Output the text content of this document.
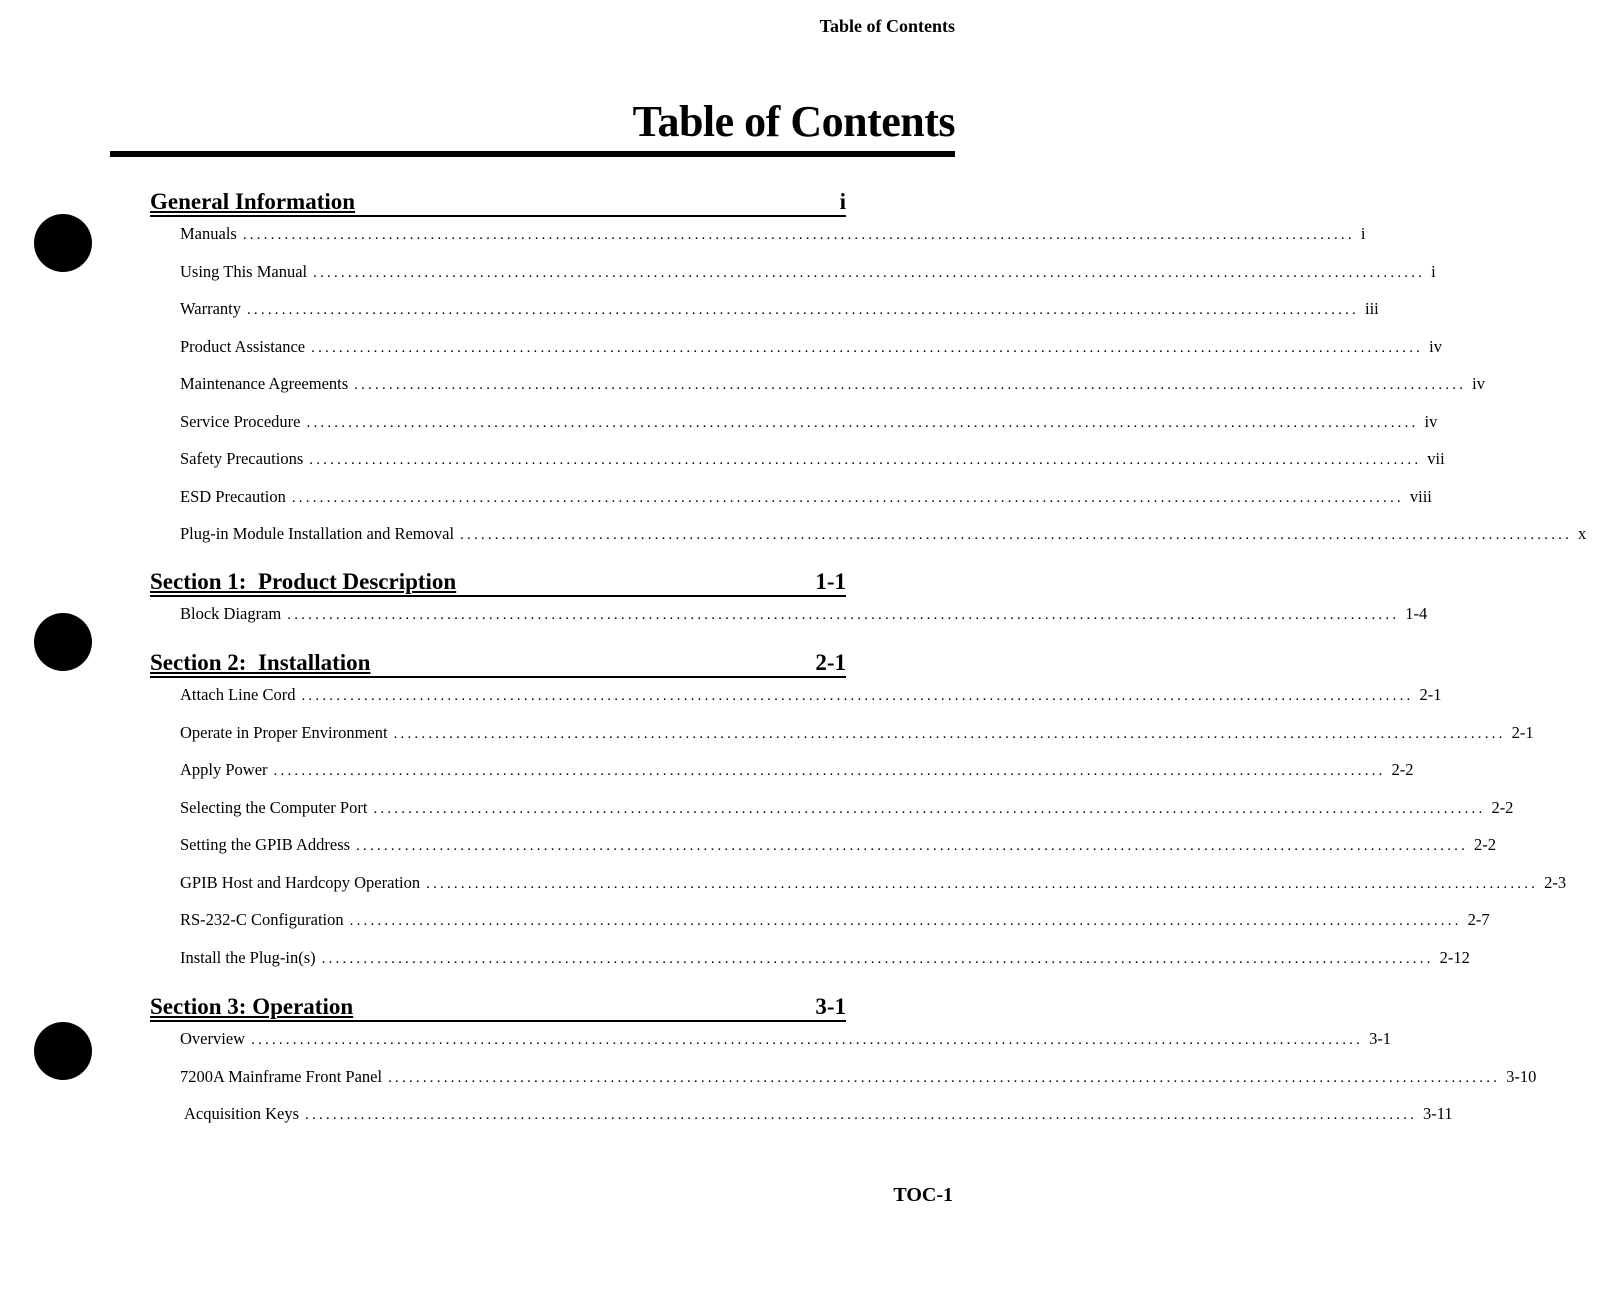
Table of Contents
Table of Contents
General Information	i
Manuals ................................................................................................................................................................ i
Using This Manual ................................................................................................................................................................ i
Warranty ................................................................................................................................................................ iii
Product Assistance ................................................................................................................................................................ iv
Maintenance Agreements ................................................................................................................................................................ iv
Service Procedure ................................................................................................................................................................ iv
Safety Precautions ................................................................................................................................................................ vii
ESD Precaution ................................................................................................................................................................ viii
Plug-in Module Installation and Removal ................................................................................................................................................................ x
Section 1:  Product Description	1-1
Block Diagram ................................................................................................................................................................ 1-4
Section 2:  Installation	2-1
Attach Line Cord ................................................................................................................................................................ 2-1
Operate in Proper Environment ................................................................................................................................................................ 2-1
Apply Power ................................................................................................................................................................ 2-2
Selecting the Computer Port ................................................................................................................................................................ 2-2
Setting the GPIB Address ................................................................................................................................................................ 2-2
GPIB Host and Hardcopy Operation ................................................................................................................................................................ 2-3
RS-232-C Configuration ................................................................................................................................................................ 2-7
Install the Plug-in(s) ................................................................................................................................................................ 2-12
Section 3: Operation	3-1
Overview ................................................................................................................................................................ 3-1
7200A Mainframe Front Panel ................................................................................................................................................................ 3-10
Acquisition Keys ................................................................................................................................................................ 3-11
TOC-1
